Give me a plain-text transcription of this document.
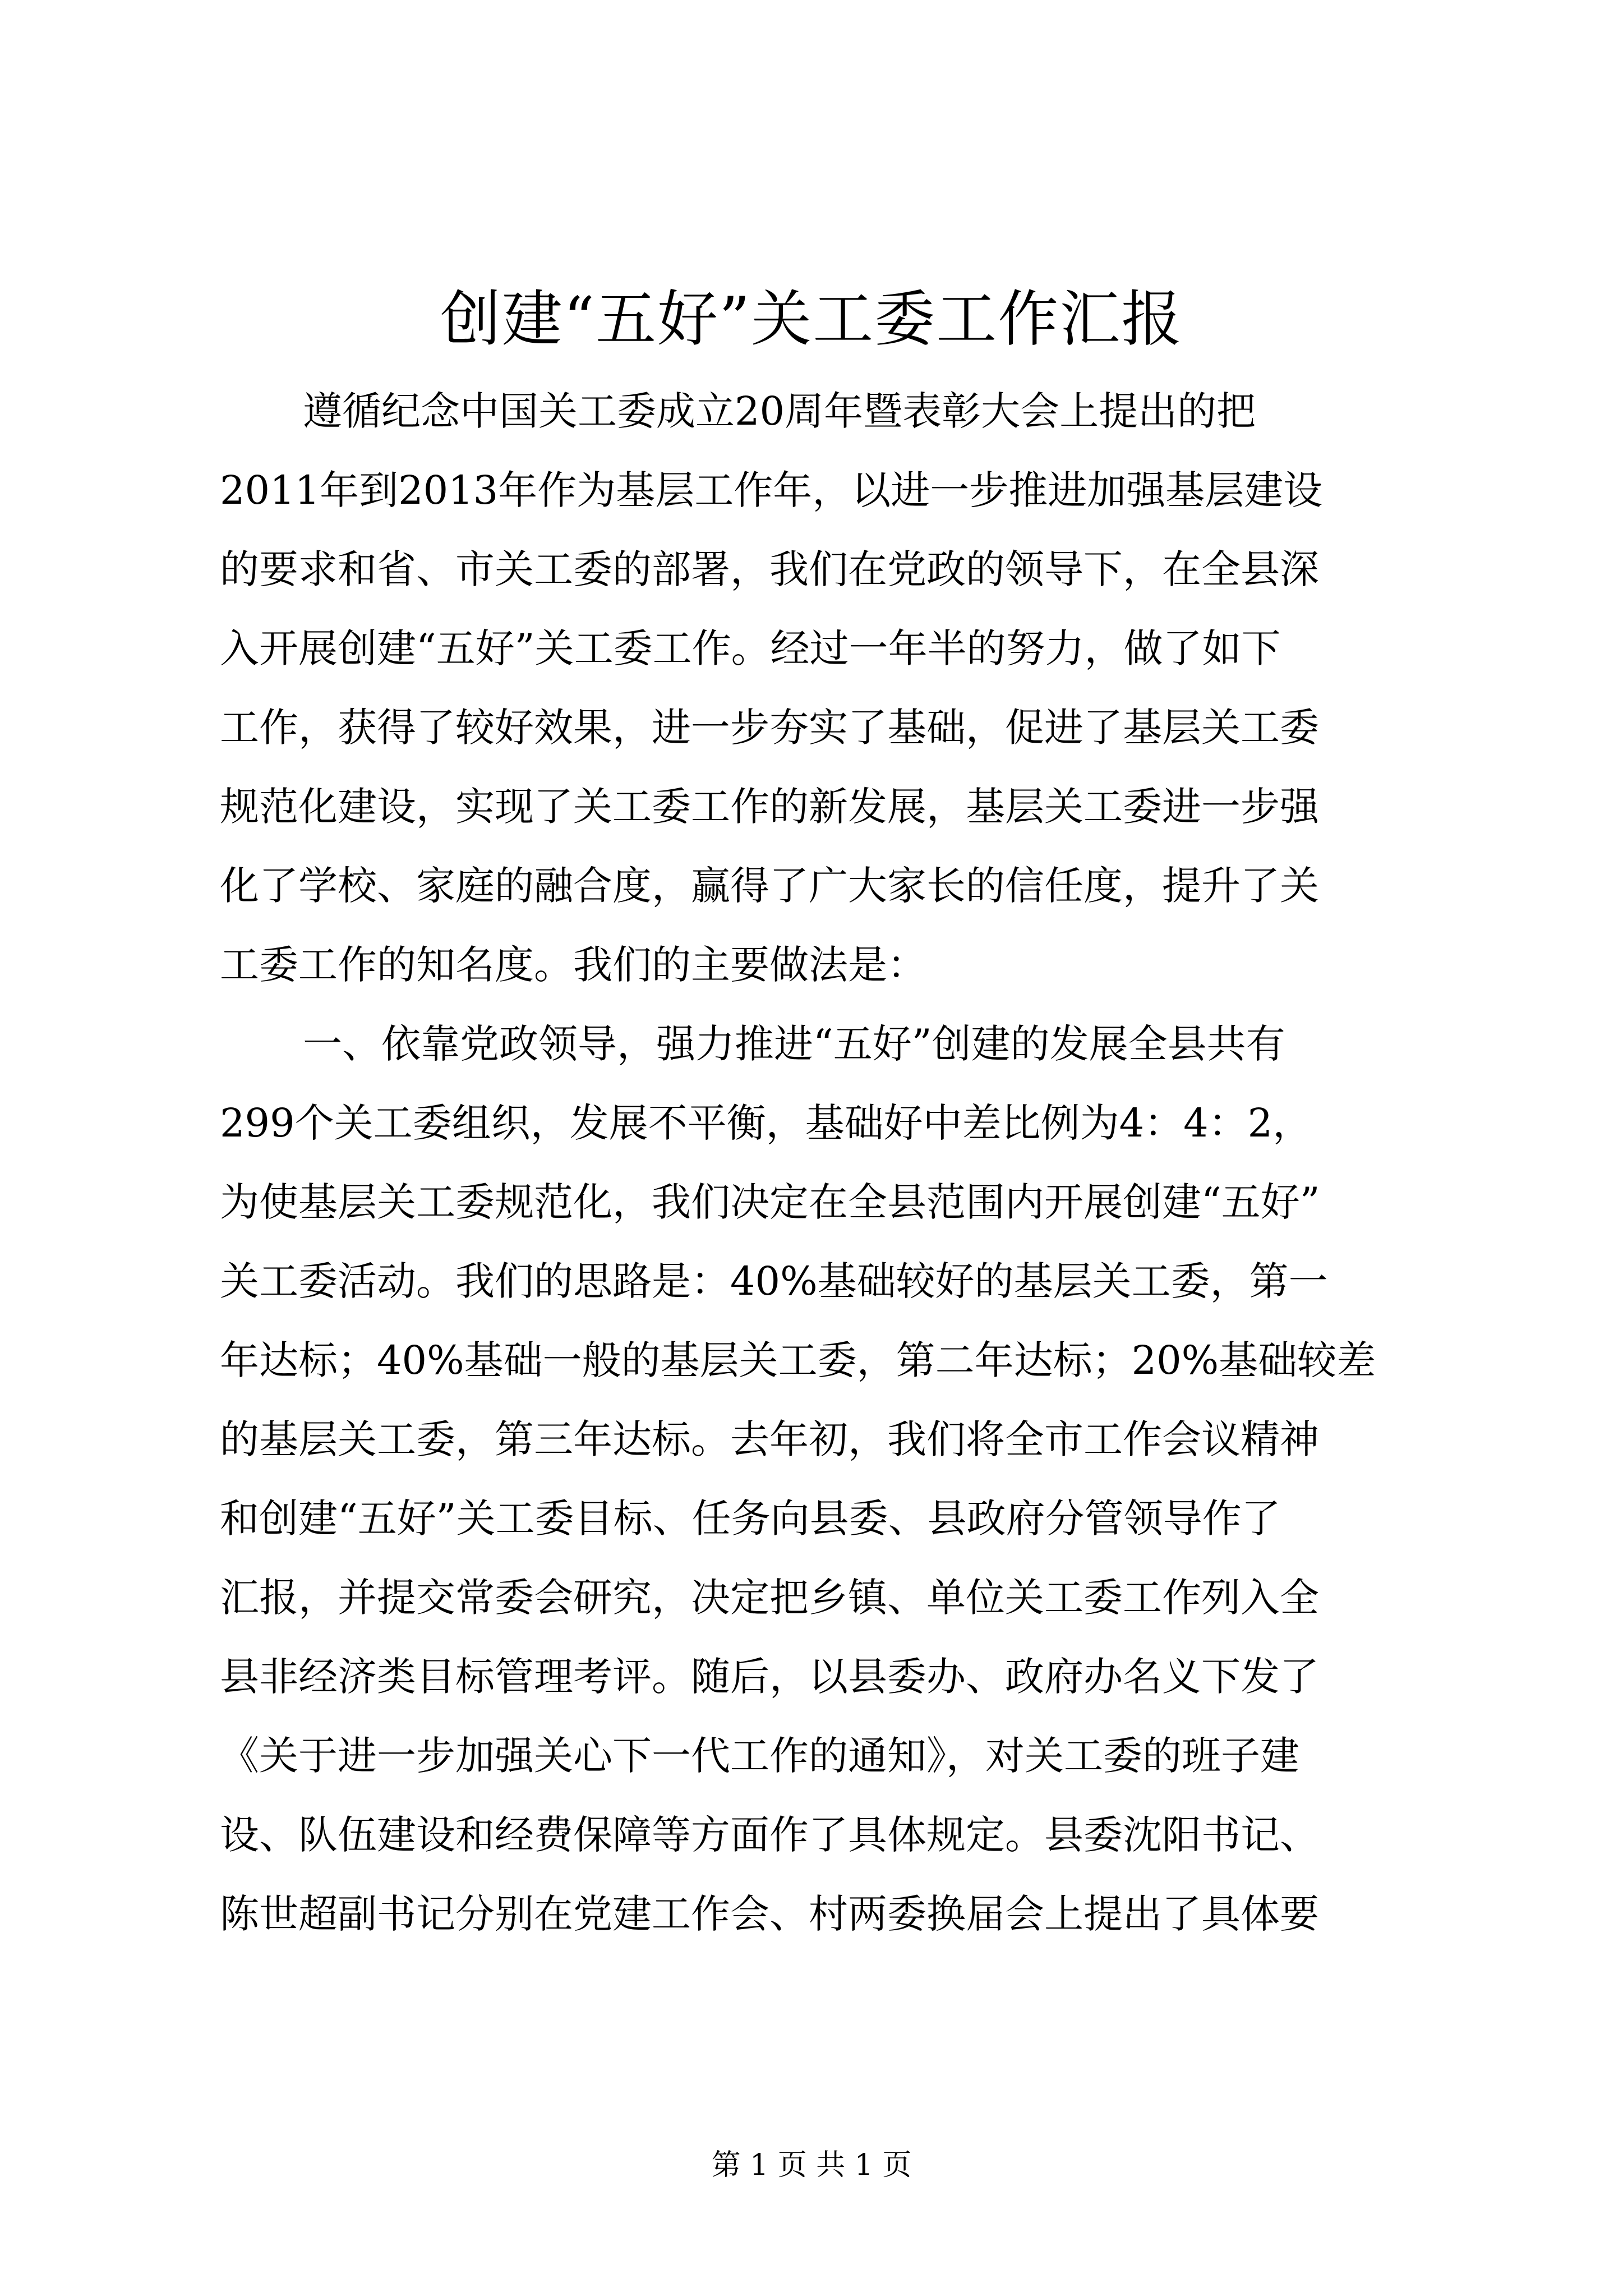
创建“五好”关工委工作汇报

遵循纪念中国关工委成立20周年暨表彰大会上提出的把

2011年到2013年作为基层工作年，以进一步推进加强基层建设

的要求和省、市关工委的部署，我们在党政的领导下，在全县深

入开展创建“五好”关工委工作。经过一年半的努力，做了如下

工作，获得了较好效果，进一步夯实了基础，促进了基层关工委

规范化建设，实现了关工委工作的新发展，基层关工委进一步强

化了学校、家庭的融合度，赢得了广大家长的信任度，提升了关

工委工作的知名度。我们的主要做法是：

一、依靠党政领导，强力推进“五好”创建的发展全县共有

299个关工委组织，发展不平衡，基础好中差比例为4：4：2，

为使基层关工委规范化，我们决定在全县范围内开展创建“五好”

关工委活动。我们的思路是：40%基础较好的基层关工委，第一

年达标；40%基础一般的基层关工委，第二年达标；20%基础较差

的基层关工委，第三年达标。去年初，我们将全市工作会议精神

和创建“五好”关工委目标、任务向县委、县政府分管领导作了

汇报，并提交常委会研究，决定把乡镇、单位关工委工作列入全

县非经济类目标管理考评。随后，以县委办、政府办名义下发了

《关于进一步加强关心下一代工作的通知》，对关工委的班子建

设、队伍建设和经费保障等方面作了具体规定。县委沈阳书记、

陈世超副书记分别在党建工作会、村两委换届会上提出了具体要

第 1 页 共 1 页
